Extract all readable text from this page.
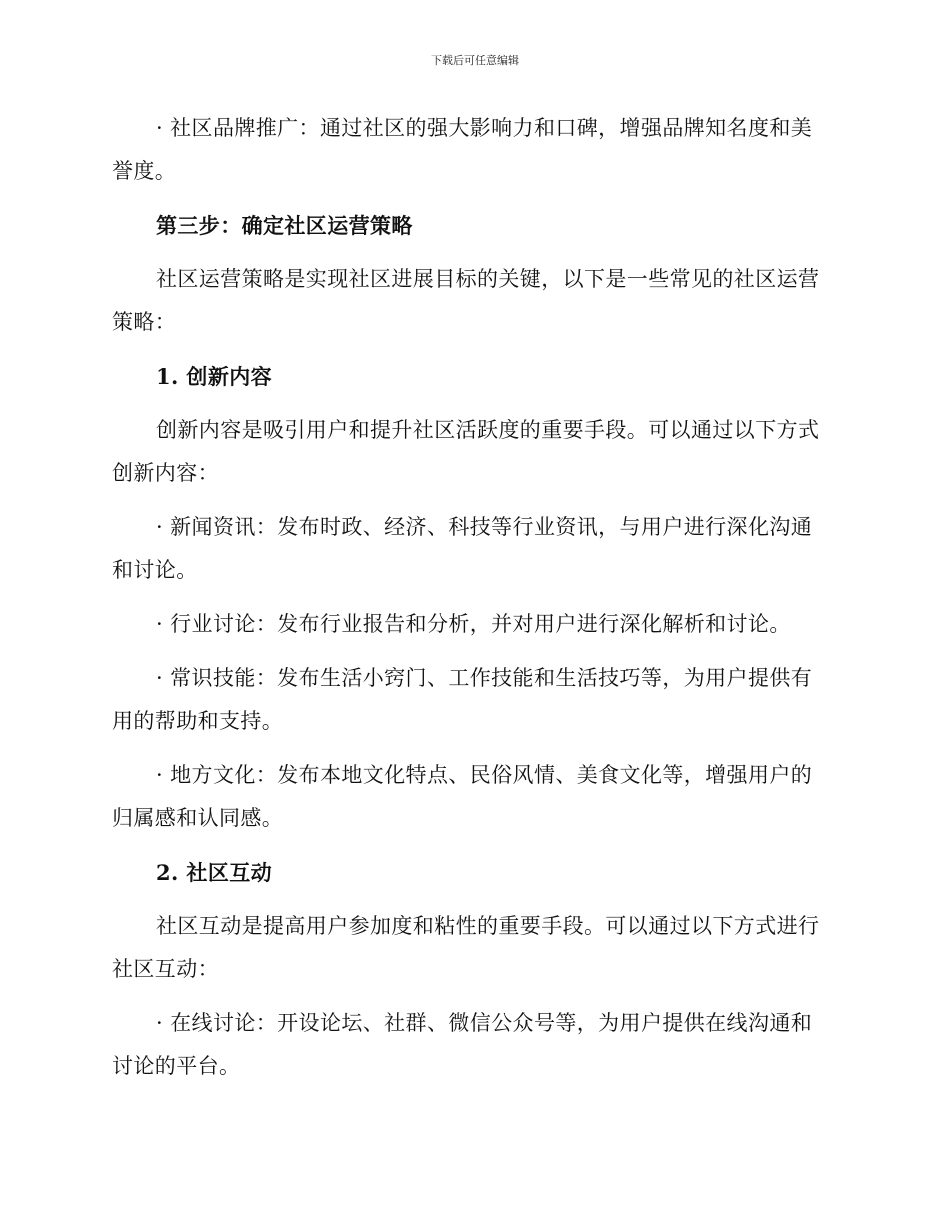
下载后可任意编辑

· 社区品牌推广：通过社区的强大影响力和口碑，增强品牌知名度和美誉度。

第三步：确定社区运营策略

社区运营策略是实现社区进展目标的关键，以下是一些常见的社区运营策略：

1. 创新内容

创新内容是吸引用户和提升社区活跃度的重要手段。可以通过以下方式创新内容：

· 新闻资讯：发布时政、经济、科技等行业资讯，与用户进行深化沟通和讨论。

· 行业讨论：发布行业报告和分析，并对用户进行深化解析和讨论。

· 常识技能：发布生活小窍门、工作技能和生活技巧等，为用户提供有用的帮助和支持。

· 地方文化：发布本地文化特点、民俗风情、美食文化等，增强用户的归属感和认同感。

2. 社区互动

社区互动是提高用户参加度和粘性的重要手段。可以通过以下方式进行社区互动：

· 在线讨论：开设论坛、社群、微信公众号等，为用户提供在线沟通和讨论的平台。
